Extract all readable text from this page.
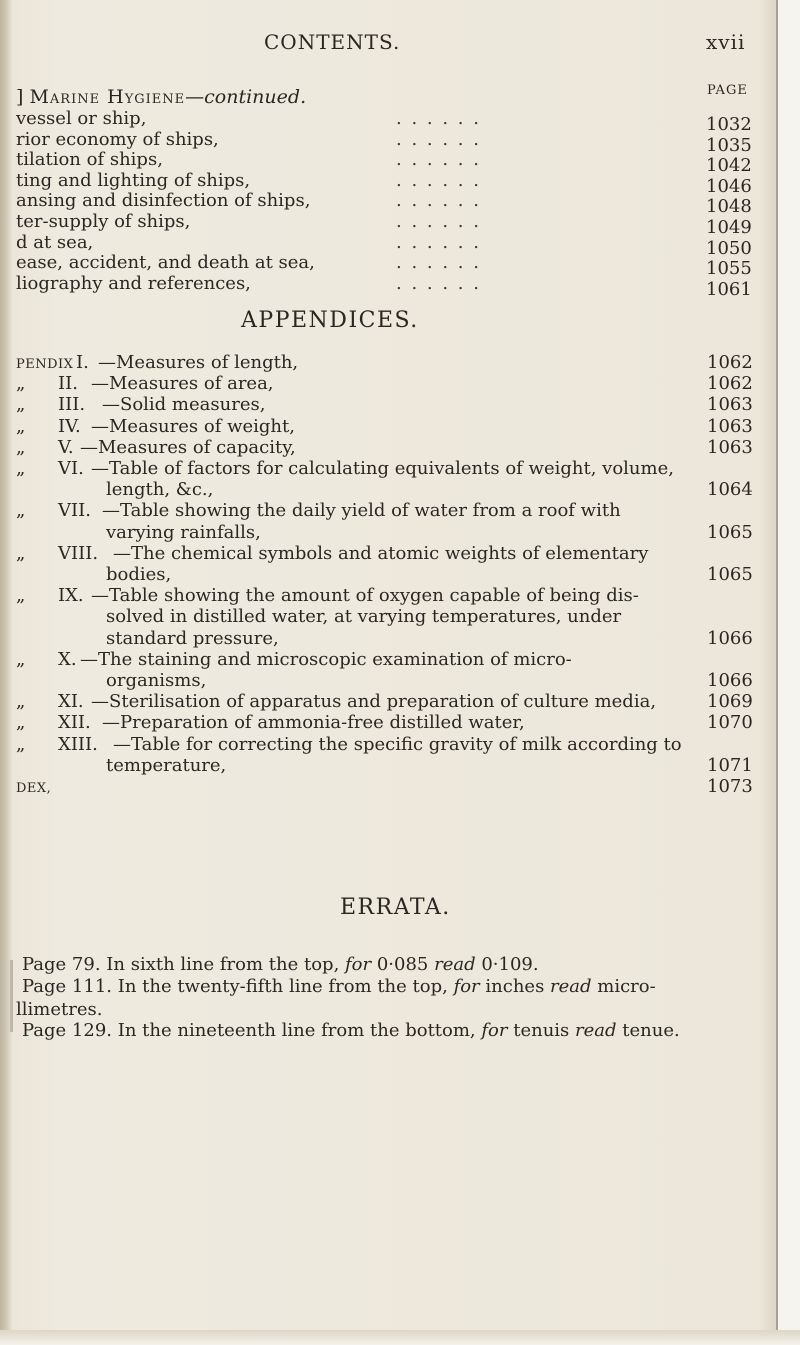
CONTENTS.	xvii
PAGE
] Marine Hygiene—continued.
vessel or ship,	. . . . . .	1032
rior economy of ships,	. . . . . .	1035
tilation of ships,	. . . . . .	1042
ting and lighting of ships,	. . . . . .	1046
ansing and disinfection of ships,	. . . . . .	1048
ter-supply of ships,	. . . . . .	1049
d at sea,	. . . . . .	1050
ease, accident, and death at sea,	. . . . . .	1055
liography and references,	. . . . . .	1061
APPENDICES.
PENDIX I. —Measures of length,	1062
„ II. —Measures of area,	1062
„ III. —Solid measures,	1063
„ IV. —Measures of weight,	1063
„ V. —Measures of capacity,	1063
„ VI. —Table of factors for calculating equivalents of weight, volume,
length, &c.,	1064
„ VII. —Table showing the daily yield of water from a roof with
varying rainfalls,	1065
„ VIII. —The chemical symbols and atomic weights of elementary
bodies,	1065
„ IX. —Table showing the amount of oxygen capable of being dis-
solved in distilled water, at varying temperatures, under
standard pressure,	1066
„ X. —The staining and microscopic examination of micro-
organisms,	1066
„ XI. —Sterilisation of apparatus and preparation of culture media,	1069
„ XII. —Preparation of ammonia-free distilled water,	1070
„ XIII. —Table for correcting the specific gravity of milk according to
temperature,	1071
DEX,	1073
ERRATA.
Page 79. In sixth line from the top, for 0·085 read 0·109.
Page 111. In the twenty-fifth line from the top, for inches read micro-
llimetres.
Page 129. In the nineteenth line from the bottom, for tenuis read tenue.
